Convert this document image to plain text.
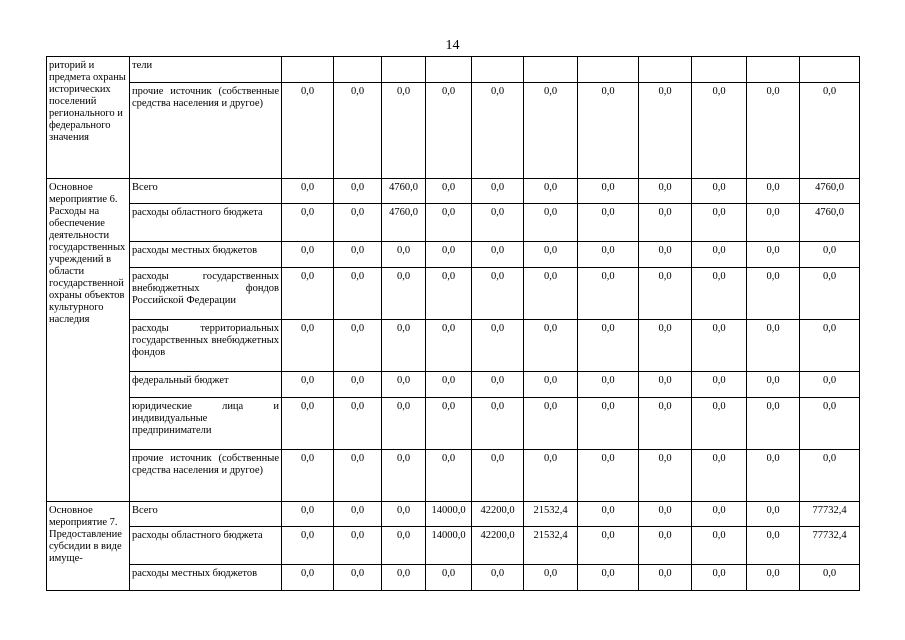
14
риторий и предмета охраны исторических поселений регионального и федерального значения	тели											
	прочие источник (собственные средства населения и другое)	0,0	0,0	0,0	0,0	0,0	0,0	0,0	0,0	0,0	0,0	0,0
Основное мероприятие 6. Расходы на обеспечение деятельности государственных учреждений в области государственной охраны объектов культурного наследия	Всего	0,0	0,0	4760,0	0,0	0,0	0,0	0,0	0,0	0,0	0,0	4760,0
	расходы областного бюджета	0,0	0,0	4760,0	0,0	0,0	0,0	0,0	0,0	0,0	0,0	4760,0
	расходы местных бюджетов	0,0	0,0	0,0	0,0	0,0	0,0	0,0	0,0	0,0	0,0	0,0
	расходы государственных внебюджетных фондов Российской Федерации	0,0	0,0	0,0	0,0	0,0	0,0	0,0	0,0	0,0	0,0	0,0
	расходы территориальных государственных внебюджетных фондов	0,0	0,0	0,0	0,0	0,0	0,0	0,0	0,0	0,0	0,0	0,0
	федеральный бюджет	0,0	0,0	0,0	0,0	0,0	0,0	0,0	0,0	0,0	0,0	0,0
	юридические лица и индивидуальные предприниматели	0,0	0,0	0,0	0,0	0,0	0,0	0,0	0,0	0,0	0,0	0,0
	прочие источник (собственные средства населения и другое)	0,0	0,0	0,0	0,0	0,0	0,0	0,0	0,0	0,0	0,0	0,0
Основное мероприятие 7. Предоставление субсидии в виде имуще-	Всего	0,0	0,0	0,0	14000,0	42200,0	21532,4	0,0	0,0	0,0	0,0	77732,4
	расходы областного бюджета	0,0	0,0	0,0	14000,0	42200,0	21532,4	0,0	0,0	0,0	0,0	77732,4
	расходы местных бюджетов	0,0	0,0	0,0	0,0	0,0	0,0	0,0	0,0	0,0	0,0	0,0
